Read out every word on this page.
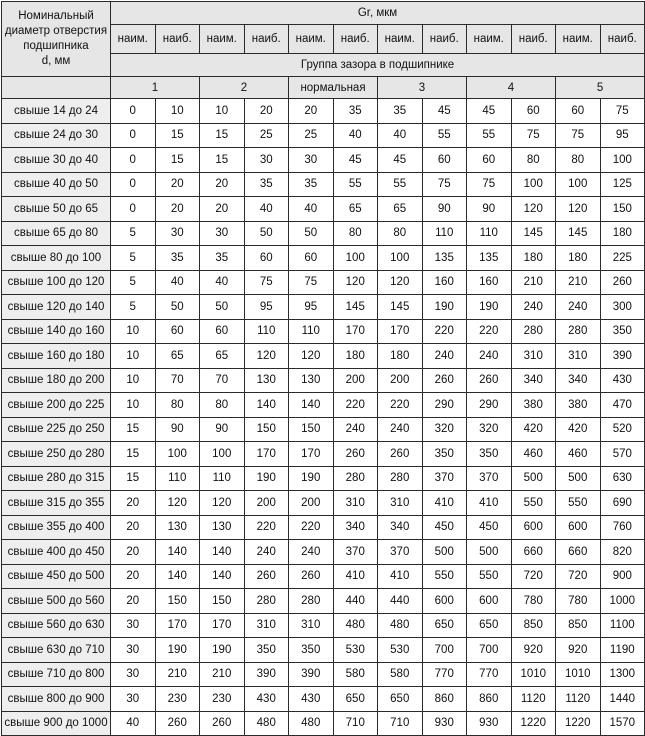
Номинальный
диаметр отверстия
подшипника
d, мм	Gr, мкм											
	наим.	наиб.	наим.	наиб.	наим.	наиб.	наим.	наиб.	наим.	наиб.	наим.	наиб.
	Группа зазора в подшипнике											
	1		2		нормальная		3		4		5	
свыше 14 до 24	0	10	10	20	20	35	35	45	45	60	60	75
свыше 24 до 30	0	15	15	25	25	40	40	55	55	75	75	95
свыше 30 до 40	0	15	15	30	30	45	45	60	60	80	80	100
свыше 40 до 50	0	20	20	35	35	55	55	75	75	100	100	125
свыше 50 до 65	0	20	20	40	40	65	65	90	90	120	120	150
свыше 65 до 80	5	30	30	50	50	80	80	110	110	145	145	180
свыше 80 до 100	5	35	35	60	60	100	100	135	135	180	180	225
свыше 100 до 120	5	40	40	75	75	120	120	160	160	210	210	260
свыше 120 до 140	5	50	50	95	95	145	145	190	190	240	240	300
свыше 140 до 160	10	60	60	110	110	170	170	220	220	280	280	350
свыше 160 до 180	10	65	65	120	120	180	180	240	240	310	310	390
свыше 180 до 200	10	70	70	130	130	200	200	260	260	340	340	430
свыше 200 до 225	10	80	80	140	140	220	220	290	290	380	380	470
свыше 225 до 250	15	90	90	150	150	240	240	320	320	420	420	520
свыше 250 до 280	15	100	100	170	170	260	260	350	350	460	460	570
свыше 280 до 315	15	110	110	190	190	280	280	370	370	500	500	630
свыше 315 до 355	20	120	120	200	200	310	310	410	410	550	550	690
свыше 355 до 400	20	130	130	220	220	340	340	450	450	600	600	760
свыше 400 до 450	20	140	140	240	240	370	370	500	500	660	660	820
свыше 450 до 500	20	140	140	260	260	410	410	550	550	720	720	900
свыше 500 до 560	20	150	150	280	280	440	440	600	600	780	780	1000
свыше 560 до 630	30	170	170	310	310	480	480	650	650	850	850	1100
свыше 630 до 710	30	190	190	350	350	530	530	700	700	920	920	1190
свыше 710 до 800	30	210	210	390	390	580	580	770	770	1010	1010	1300
свыше 800 до 900	30	230	230	430	430	650	650	860	860	1120	1120	1440
свыше 900 до 1000	40	260	260	480	480	710	710	930	930	1220	1220	1570
